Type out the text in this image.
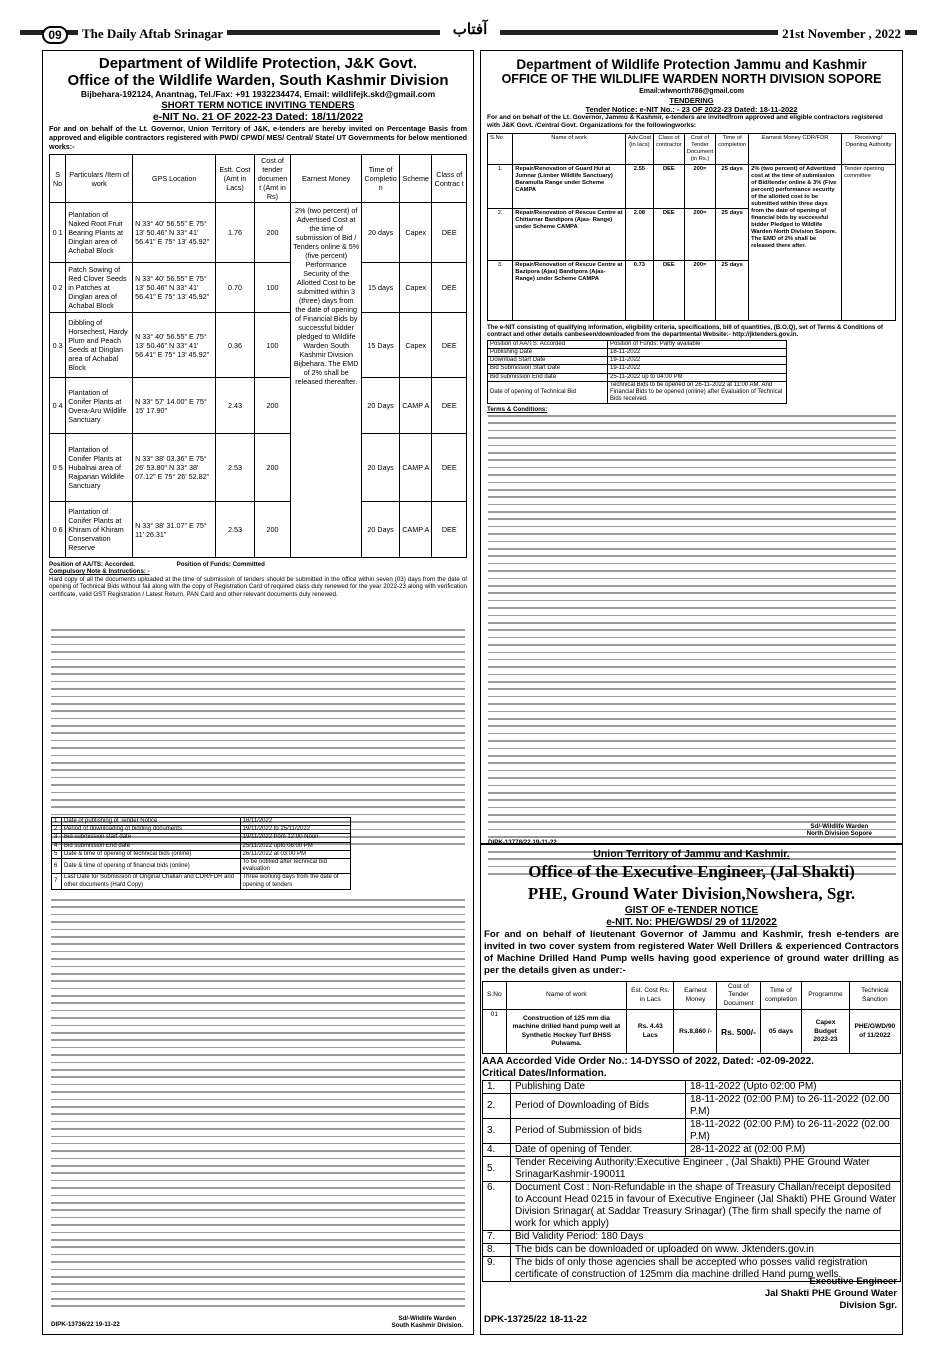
09	The Daily Aftab Srinagar	آفتاب	21st November , 2022
Department of Wildlife Protection, J&K Govt.
Office of the Wildlife Warden, South Kashmir Division
Bijbehara-192124, Anantnag, Tel./Fax: +91 1932234474, Email: wildlifejk.skd@gmail.com
SHORT TERM NOTICE INVITING TENDERS
e-NIT No. 21 OF 2022-23 Dated: 18/11/2022
For and on behalf of the Lt. Governor, Union Territory of J&K, e-tenders are hereby invited on Percentage Basis from approved and eligible contractors registered with PWD/ CPWD/ MES/ Central/ State/ UT Governments for below mentioned works:-
S No	Particulars /Item of work	GPS Location	Estt. Cost (Amt in Lacs)	Cost of tender documen t (Amt in Rs)	Earnest Money	Time of Completio n	Scheme	Class of Contrac t
0 1	Plantation of Naked Root Fruit Bearing Plants at Dinglan area of Achabal Block	N 33° 40' 56.55" E 75° 13' 50.46" N 33° 41' 56.41" E 75° 13' 45.92"	1.76	200	2% (two percent) of Advertised Cost at the time of submission of Bid / Tenders online & 5% (five percent) Performance Security of the Allotted Cost to be submitted within 3 (three) days from the date of opening of Financial Bids by successful bidder pledged to Wildlife Warden South Kashmir Division Bijbehara. The EMD of 2% shall be released thereafter.	20 days	Capex	DEE
0 2	Patch Sowing of Red Clover Seeds in Patches at Dinglan area of Achabal Block	N 33° 40' 56.55" E 75° 13' 50.46" N 33° 41' 56.41" E 75° 13' 45.92"	0.70	100		15 days	Capex	DEE
0 3	Dibbling of Horsechest, Hardy Plum and Peach Seeds at Dinglan area of Achabal Block	N 33° 40' 56.55" E 75° 13' 50.46" N 33° 41' 56.41" E 75° 13' 45.92"	0.36	100		15 Days	Capex	DEE
0 4	Plantation of Conifer Plants at Overa-Aru Wildlife Sanctuary	N 33° 57' 14.00" E 75° 15' 17.90"	2.43	200		20 Days	CAMP A	DEE
0 5	Plantation of Conifer Plants at Hubalnai area of Rajparian Wildlife Sanctuary	N 33° 38' 03.36" E 75° 26' 53.80" N 33° 38' 07.12" E 75° 26' 52.82"	2.53	200		20 Days	CAMP A	DEE
0 6	Plantation of Conifer Plants at Khiram of Khiram Conservation Reserve	N 33° 38' 31.07" E 75° 11' 26.31"	2.53	200		20 Days	CAMP A	DEE
Position of AA/TS: Accorded.	Position of Funds: Committed
Compulsory Note & Instructions: -
Hard copy of all the documents uploaded at the time of submission of tenders should be submitted in the office within seven (03) days from the date of opening of Technical Bids without fail along with the copy of Registration Card of required class duly renewed for the year 2022-23 along with verification certificate, valid GST Registration / Latest Return, PAN Card and other relevant documents duly renewed.
1	Date of publishing of Tender Notice	18/11/2022
2	Period of downloading of bidding documents	19/11/2022 to 25/11/2022
3	Bid submission start date	19/11/2022 from 12:00 Noon
4	Bid submission End date	25/11/2022 upto 06:00 PM
5	Date & time of opening of technical bids (online)	26/11/2022 at 03:00 PM
6	Date & time of opening of financial bids (online)	To be notified after technical bid evaluation
7	Last Date for Submission of Original Challan and CDR/FDR and other documents (Hard Copy)	Three working days from the date of opening of tenders
Sd/-Wildlife Warden
South Kashmir Division.
DIPK-13736/22 19-11-22
Department of Wildlife Protection Jammu and Kashmir
OFFICE OF THE WILDLIFE WARDEN NORTH DIVISION SOPORE
Email:wlwnorth786@gmail.com
TENDERING
Tender Notice: e-NIT No.: - 23 OF 2022-23 Dated: 18-11-2022
For and on behalf of the Lt. Governor, Jammu & Kashmir, e-tenders are invitedfrom approved and eligible contractors registered with J&K Govt. /Central Govt. Organizations for the followingworks:
S.No	Name of work	Adv.Cost (in lacs)	Class of contractor	Cost of Tender Document (in Rs.)	Time of completion	Earnest Money CDR/FDR	Receiving/ Opening Authority
1.	Repair/Renovation of Guard Hut at Jumnar (Limber Wildlife Sanctuary) Baramulla Range under Scheme CAMPA	2.55	DEE	200=	25 days	2% (two percent) of Advertized cost at the time of submission of Bid/tender online & 3% (Five percent) performance security of the allotted cost to be submitted within three days from the date of opening of financial bids by successful bidder Pledged to Wildlife Warden North Division Sopore. The EMD of 2% shall be released there after.	Tender opening committee
2.	Repair/Renovation of Rescue Centre at Chittarnar Bandipora (Ajas- Range) under Scheme CAMPA	2.08	DEE	200=	25 days		
3.	Repair/Renovation of Rescue Centre at Bazipora (Ajas) Bandipora (Ajas- Range) under Scheme CAMPA	0.73	DEE	200=	25 days		
The e-NIT consisting of qualifying information, eligibility criteria, specifications, bill of quantities, (B.O.Q), set of Terms & Conditions of contract and other details canbeseen/downloaded from the departmental Website:- http://jktenders.gov.in.
Position of AA/TS: Accorded	Position of Funds: Partly available
Publishing Date	18-11-2022
Download Start Date	19-11-2022
Bid Submission Start Date	19-11-2022
Bid submission End date	25-11-2022 up to 04:00 PM
Date of opening of Technical Bid	Technical Bids to be opened on 26-11-2022 at 11:00 AM. And Financial Bids to be opened (online) after Evaluation of Technical Bids received.
Terms & Conditions:
Sd/-Wildlife Warden
North Division Sopore
Union Territory of Jammu and Kashmir.
Office of the Executive Engineer, (Jal Shakti)
PHE, Ground Water Division,Nowshera, Sgr.
GIST OF e-TENDER NOTICE
e-NIT. No: PHE/GWDS/ 29 of 11/2022
For and on behalf of lieutenant Governor of Jammu and Kashmir, fresh e-tenders are invited in two cover system from registered Water Well Drillers & experienced Contractors of Machine Drilled Hand Pump wells having good experience of ground water drilling as per the details given as under:-
S.No	Name of work	Est. Cost Rs. in Lacs	Earnest Money	Cost of Tender Document	Time of completion	Programme	Technical Sanction
01	Construction of 125 mm dia machine drilled hand pump well at Synthetic Hockey Turf BHSS Pulwama.	Rs. 4.43 Lacs	Rs.8,860 /-	Rs. 500/-	05 days	Capex Budget 2022-23	PHE/GWD/90 of 11/2022
AAA Accorded Vide Order No.: 14-DYSSO of 2022, Dated: -02-09-2022.
Critical Dates/Information.
1.	Publishing Date	18-11-2022 (Upto 02:00 PM)
2.	Period of Downloading of Bids	18-11-2022 (02:00 P.M) to 26-11-2022 (02.00 P.M)
3.	Period of Submission of bids	18-11-2022 (02:00 P.M) to 26-11-2022 (02.00 P.M)
4.	Date of opening of Tender.	28-11-2022 at (02:00 P.M)
5.	Tender Receiving Authority:Executive Engineer , (Jal Shakti) PHE Ground Water SrinagarKashmir-190011	
6.	Document Cost : Non-Refundable in the shape of Treasury Challan/receipt deposited to Account Head 0215 in favour of Executive Engineer (Jal Shakti) PHE Ground Water Division Srinagar( at Saddar Treasury Srinagar) (The firm shall specify the name of work for which apply)	
7.	Bid Validity Period: 180 Days	
8.	The bids can be downloaded or uploaded on www. Jktenders.gov.in	
9.	The bids of only those agencies shall be accepted who posses valid registration certificate of construction of 125mm dia machine drilled Hand pump wells.	
Executive Engineer
Jal Shakti PHE Ground Water
Division Sgr.
DPK-13725/22 18-11-22
